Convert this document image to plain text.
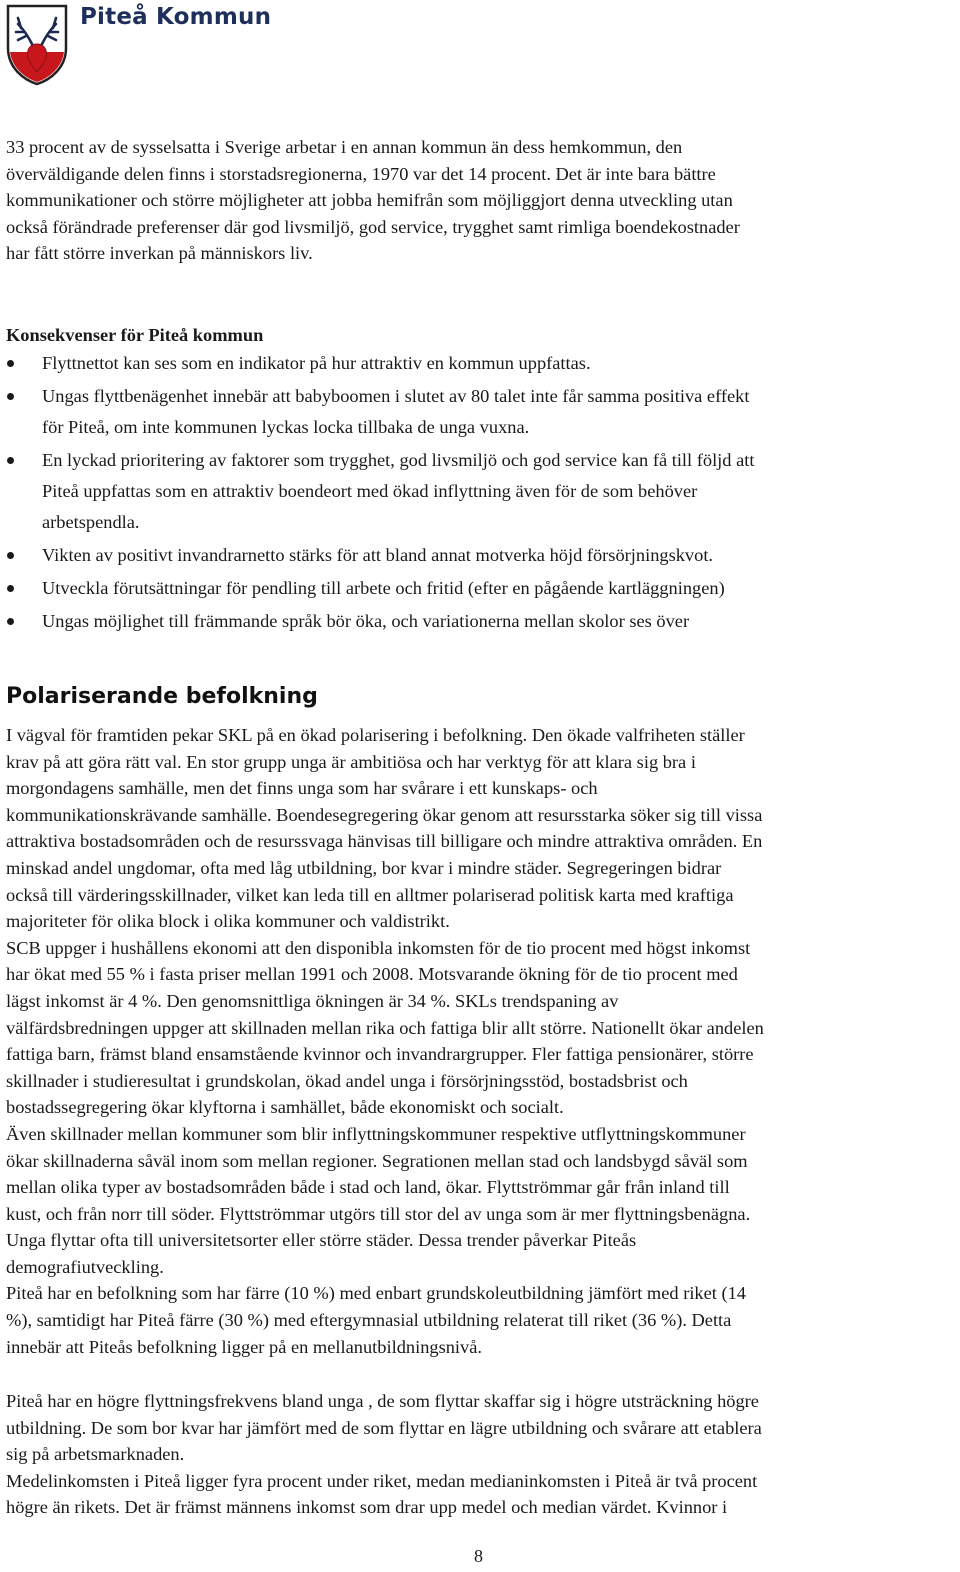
Piteå Kommun
33 procent av de sysselsatta i Sverige arbetar i en annan kommun än dess hemkommun, den
överväldigande delen finns i storstadsregionerna, 1970 var det 14 procent. Det är inte bara bättre
kommunikationer och större möjligheter att jobba hemifrån som möjliggjort denna utveckling utan
också förändrade preferenser där god livsmiljö, god service, trygghet samt rimliga boendekostnader
har fått större inverkan på människors liv.
Konsekvenser för Piteå kommun
Flyttnettot kan ses som en indikator på hur attraktiv en kommun uppfattas.
Ungas flyttbenägenhet innebär att babyboomen i slutet av 80 talet inte får samma positiva effekt
för Piteå, om inte kommunen lyckas locka tillbaka de unga vuxna.
En lyckad prioritering av faktorer som trygghet, god livsmiljö och god service kan få till följd att
Piteå uppfattas som en attraktiv boendeort med ökad inflyttning även för de som behöver
arbetspendla.
Vikten av positivt invandrarnetto stärks för att bland annat motverka höjd försörjningskvot.
Utveckla förutsättningar för pendling till arbete och fritid (efter en pågående kartläggningen)
Ungas möjlighet till främmande språk bör öka, och variationerna mellan skolor ses över
Polariserande befolkning
I vägval för framtiden pekar SKL på en ökad polarisering i befolkning. Den ökade valfriheten ställer
krav på att göra rätt val. En stor grupp unga är ambitiösa och har verktyg för att klara sig bra i
morgondagens samhälle, men det finns unga som har svårare i ett kunskaps- och
kommunikationskrävande samhälle. Boendesegregering ökar genom att resursstarka söker sig till vissa
attraktiva bostadsområden och de resurssvaga hänvisas till billigare och mindre attraktiva områden. En
minskad andel ungdomar, ofta med låg utbildning, bor kvar i mindre städer. Segregeringen bidrar
också till värderingsskillnader, vilket kan leda till en alltmer polariserad politisk karta med kraftiga
majoriteter för olika block i olika kommuner och valdistrikt.
SCB uppger i hushållens ekonomi att den disponibla inkomsten för de tio procent med högst inkomst
har ökat med 55 % i fasta priser mellan 1991 och 2008. Motsvarande ökning för de tio procent med
lägst inkomst är 4 %. Den genomsnittliga ökningen är 34 %. SKLs trendspaning av
välfärdsbredningen uppger att skillnaden mellan rika och fattiga blir allt större. Nationellt ökar andelen
fattiga barn, främst bland ensamstående kvinnor och invandrargrupper. Fler fattiga pensionärer, större
skillnader i studieresultat i grundskolan, ökad andel unga i försörjningsstöd, bostadsbrist och
bostadssegregering ökar klyftorna i samhället, både ekonomiskt och socialt.
Även skillnader mellan kommuner som blir inflyttningskommuner respektive utflyttningskommuner
ökar skillnaderna såväl inom som mellan regioner. Segrationen mellan stad och landsbygd såväl som
mellan olika typer av bostadsområden både i stad och land, ökar. Flyttströmmar går från inland till
kust, och från norr till söder. Flyttströmmar utgörs till stor del av unga som är mer flyttningsbenägna.
Unga flyttar ofta till universitetsorter eller större städer. Dessa trender påverkar Piteås
demografiutveckling.
Piteå har en befolkning som har färre (10 %) med enbart grundskoleutbildning jämfört med riket (14
%), samtidigt har Piteå färre (30 %) med eftergymnasial utbildning relaterat till riket (36 %). Detta
innebär att Piteås befolkning ligger på en mellanutbildningsnivå.
Piteå har en högre flyttningsfrekvens bland unga , de som flyttar skaffar sig i högre utsträckning högre
utbildning. De som bor kvar har jämfört med de som flyttar en lägre utbildning och svårare att etablera
sig på arbetsmarknaden.
Medelinkomsten i Piteå ligger fyra procent under riket, medan medianinkomsten i Piteå är två procent
högre än rikets. Det är främst männens inkomst som drar upp medel och median värdet. Kvinnor i
8
